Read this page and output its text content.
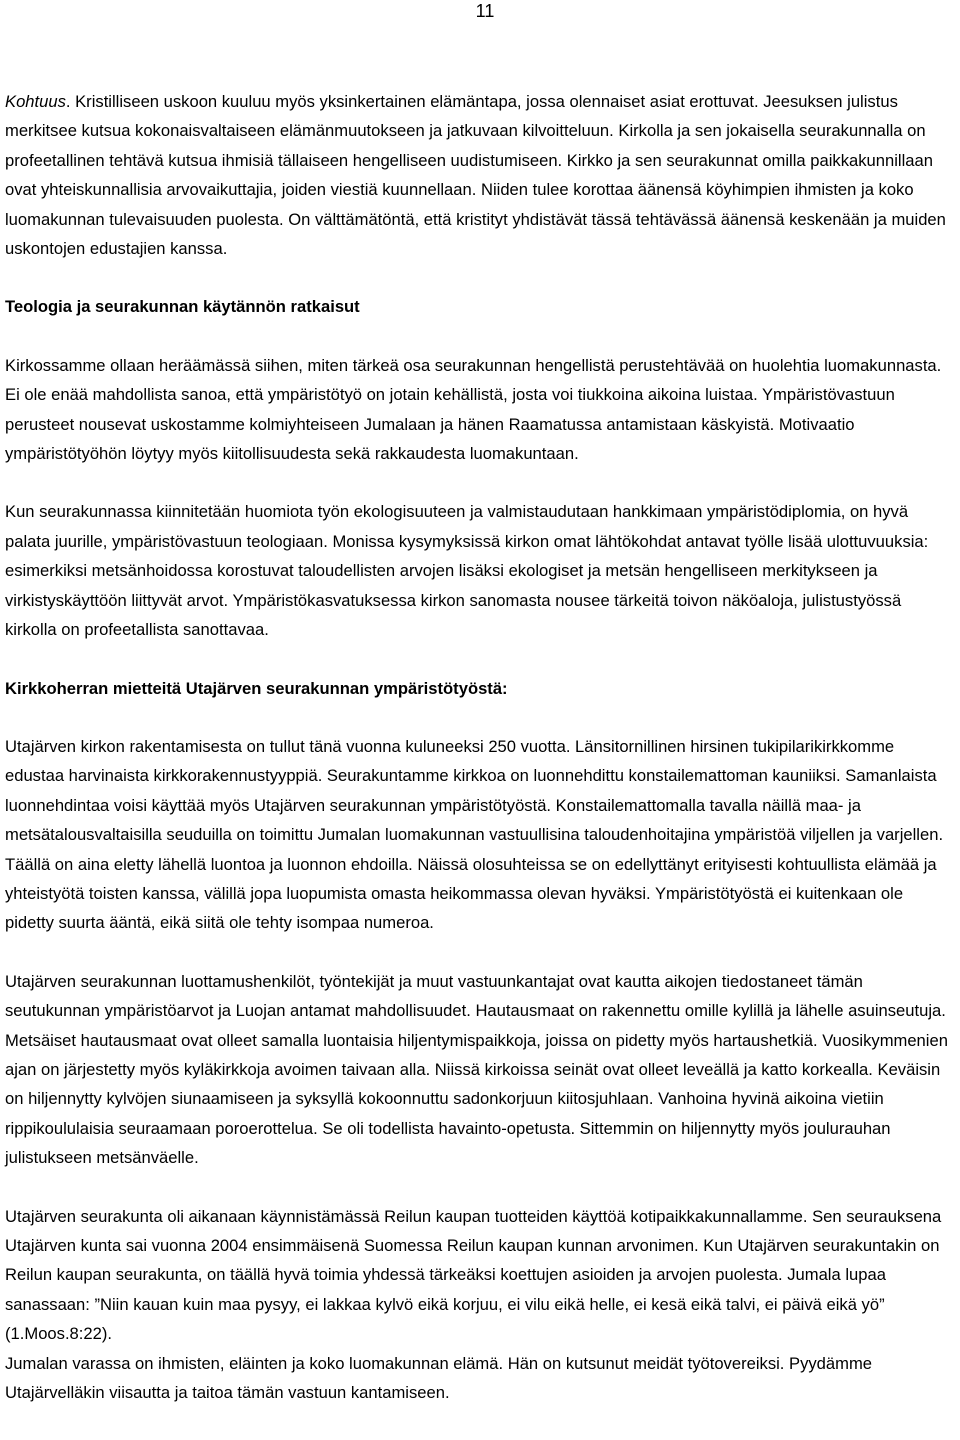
11

Kohtuus. Kristilliseen uskoon kuuluu myös yksinkertainen elämäntapa, jossa olennaiset asiat erottuvat. Jeesuksen julistus merkitsee kutsua kokonaisvaltaiseen elämänmuutokseen ja jatkuvaan kilvoitteluun. Kirkolla ja sen jokaisella seurakunnalla on profeetallinen tehtävä kutsua ihmisiä tällaiseen hengelliseen uudistumiseen. Kirkko ja sen seurakunnat omilla paikkakunnillaan ovat yhteiskunnallisia arvovaikuttajia, joiden viestiä kuunnellaan. Niiden tulee korottaa äänensä köyhimpien ihmisten ja koko luomakunnan tulevaisuuden puolesta. On välttämätöntä, että kristityt yhdistävät tässä tehtävässä äänensä keskenään ja muiden uskontojen edustajien kanssa.

Teologia ja seurakunnan käytännön ratkaisut

Kirkossamme ollaan heräämässä siihen, miten tärkeä osa seurakunnan hengellistä perustehtävää on huolehtia luomakunnasta. Ei ole enää mahdollista sanoa, että ympäristötyö on jotain kehällistä, josta voi tiukkoina aikoina luistaa. Ympäristövastuun perusteet nousevat uskostamme kolmiyhteiseen Jumalaan ja hänen Raamatussa antamistaan käskyistä. Motivaatio ympäristötyöhön löytyy myös kiitollisuudesta sekä rakkaudesta luomakuntaan.

Kun seurakunnassa kiinnitetään huomiota työn ekologisuuteen ja valmistaudutaan hankkimaan ympäristödiplomia, on hyvä palata juurille, ympäristövastuun teologiaan. Monissa kysymyksissä kirkon omat lähtökohdat antavat työlle lisää ulottuvuuksia: esimerkiksi metsänhoidossa korostuvat taloudellisten arvojen lisäksi ekologiset ja metsän hengelliseen merkitykseen ja virkistyskäyttöön liittyvät arvot. Ympäristökasvatuksessa kirkon sanomasta nousee tärkeitä toivon näköaloja, julistustyössä kirkolla on profeetallista sanottavaa.

Kirkkoherran mietteitä Utajärven seurakunnan ympäristötyöstä:

Utajärven kirkon rakentamisesta on tullut tänä vuonna kuluneeksi 250 vuotta. Länsitornillinen hirsinen tukipilarikirkkomme edustaa harvinaista kirkkorakennustyyppiä. Seurakuntamme kirkkoa on luonnehdittu konstailemattoman kauniiksi. Samanlaista luonnehdintaa voisi käyttää myös Utajärven seurakunnan ympäristötyöstä. Konstailemattomalla tavalla näillä maa- ja metsätalousvaltaisilla seuduilla on toimittu Jumalan luomakunnan vastuullisina taloudenhoitajina ympäristöä viljellen ja varjellen. Täällä on aina eletty lähellä luontoa ja luonnon ehdoilla. Näissä olosuhteissa se on edellyttänyt erityisesti kohtuullista elämää ja yhteistyötä toisten kanssa, välillä jopa luopumista omasta heikommassa olevan hyväksi. Ympäristötyöstä ei kuitenkaan ole pidetty suurta ääntä, eikä siitä ole tehty isompaa numeroa.

Utajärven seurakunnan luottamushenkilöt, työntekijät ja muut vastuunkantajat ovat kautta aikojen tiedostaneet tämän seutukunnan ympäristöarvot ja Luojan antamat mahdollisuudet. Hautausmaat on rakennettu omille kylillä ja lähelle asuinseutuja. Metsäiset hautausmaat ovat olleet samalla luontaisia hiljentymispaikkoja, joissa on pidetty myös hartaushetkiä. Vuosikymmenien ajan on järjestetty myös kyläkirkkoja avoimen taivaan alla. Niissä kirkoissa seinät ovat olleet leveällä ja katto korkealla. Keväisin on hiljennytty kylvöjen siunaamiseen ja syksyllä kokoonnuttu sadonkorjuun kiitosjuhlaan. Vanhoina hyvinä aikoina vietiin rippikoululaisia seuraamaan poroerottelua. Se oli todellista havainto-opetusta. Sittemmin on hiljennytty myös joulurauhan julistukseen metsänväelle.

Utajärven seurakunta oli aikanaan käynnistämässä Reilun kaupan tuotteiden käyttöä kotipaikkakunnallamme. Sen seurauksena Utajärven kunta sai vuonna 2004 ensimmäisenä Suomessa Reilun kaupan kunnan arvonimen. Kun Utajärven seurakuntakin on Reilun kaupan seurakunta, on täällä hyvä toimia yhdessä tärkeäksi koettujen asioiden ja arvojen puolesta. Jumala lupaa sanassaan: ”Niin kauan kuin maa pysyy, ei lakkaa kylvö eikä korjuu, ei vilu eikä helle, ei kesä eikä talvi, ei päivä eikä yö” (1.Moos.8:22).

Jumalan varassa on ihmisten, eläinten ja koko luomakunnan elämä. Hän on kutsunut meidät työtovereiksi. Pyydämme Utajärvelläkin viisautta ja taitoa tämän vastuun kantamiseen.
